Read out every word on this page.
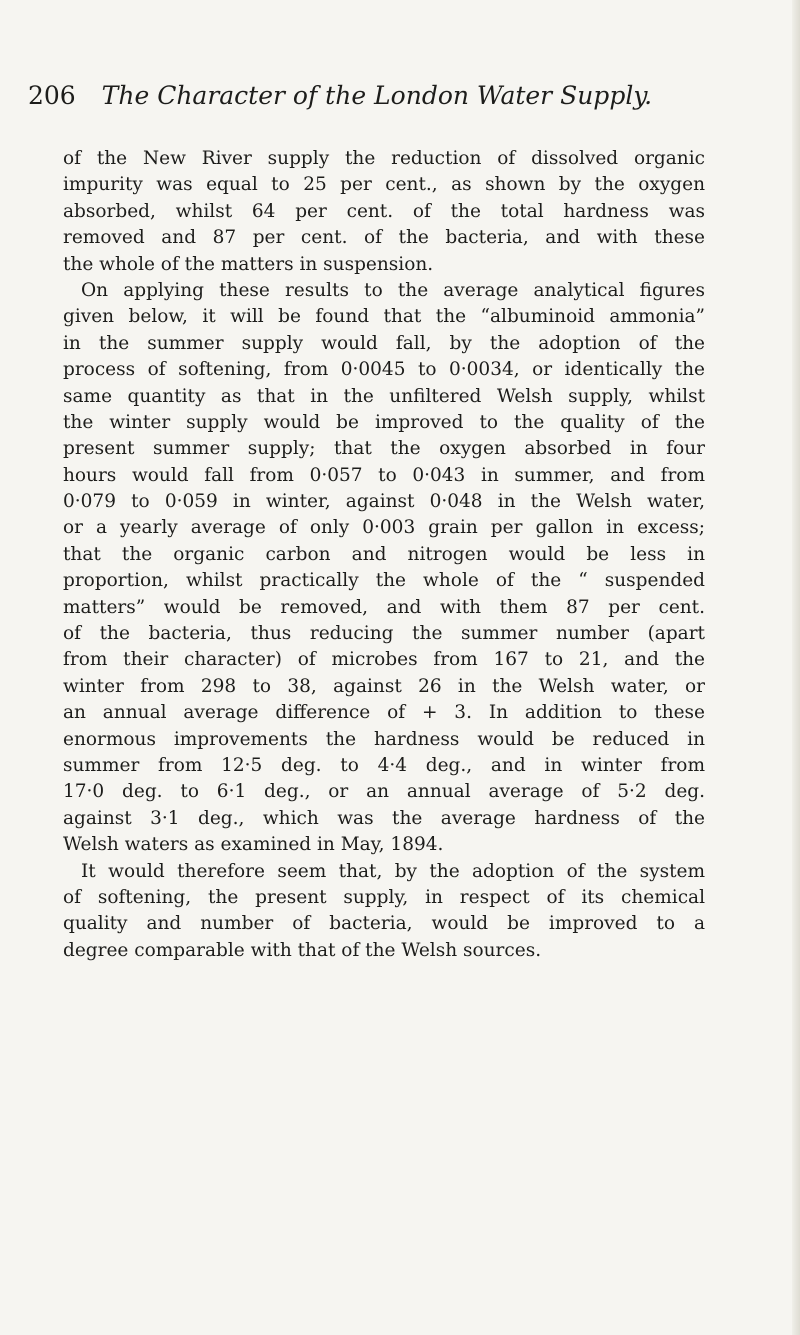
206 The Character of the London Water Supply.
of the New River supply the reduction of dissolved organic
impurity was equal to 25 per cent., as shown by the oxygen
absorbed, whilst 64 per cent. of the total hardness was
removed and 87 per cent. of the bacteria, and with these
the whole of the matters in suspension.
On applying these results to the average analytical figures
given below, it will be found that the “albuminoid ammonia”
in the summer supply would fall, by the adoption of the
process of softening, from 0·0045 to 0·0034, or identically the
same quantity as that in the unfiltered Welsh supply, whilst
the winter supply would be improved to the quality of the
present summer supply; that the oxygen absorbed in four
hours would fall from 0·057 to 0·043 in summer, and from
0·079 to 0·059 in winter, against 0·048 in the Welsh water,
or a yearly average of only 0·003 grain per gallon in excess;
that the organic carbon and nitrogen would be less in
proportion, whilst practically the whole of the “ suspended
matters” would be removed, and with them 87 per cent.
of the bacteria, thus reducing the summer number (apart
from their character) of microbes from 167 to 21, and the
winter from 298 to 38, against 26 in the Welsh water, or
an annual average difference of + 3. In addition to these
enormous improvements the hardness would be reduced in
summer from 12·5 deg. to 4·4 deg., and in winter from
17·0 deg. to 6·1 deg., or an annual average of 5·2 deg.
against 3·1 deg., which was the average hardness of the
Welsh waters as examined in May, 1894.
It would therefore seem that, by the adoption of the system
of softening, the present supply, in respect of its chemical
quality and number of bacteria, would be improved to a
degree comparable with that of the Welsh sources.
